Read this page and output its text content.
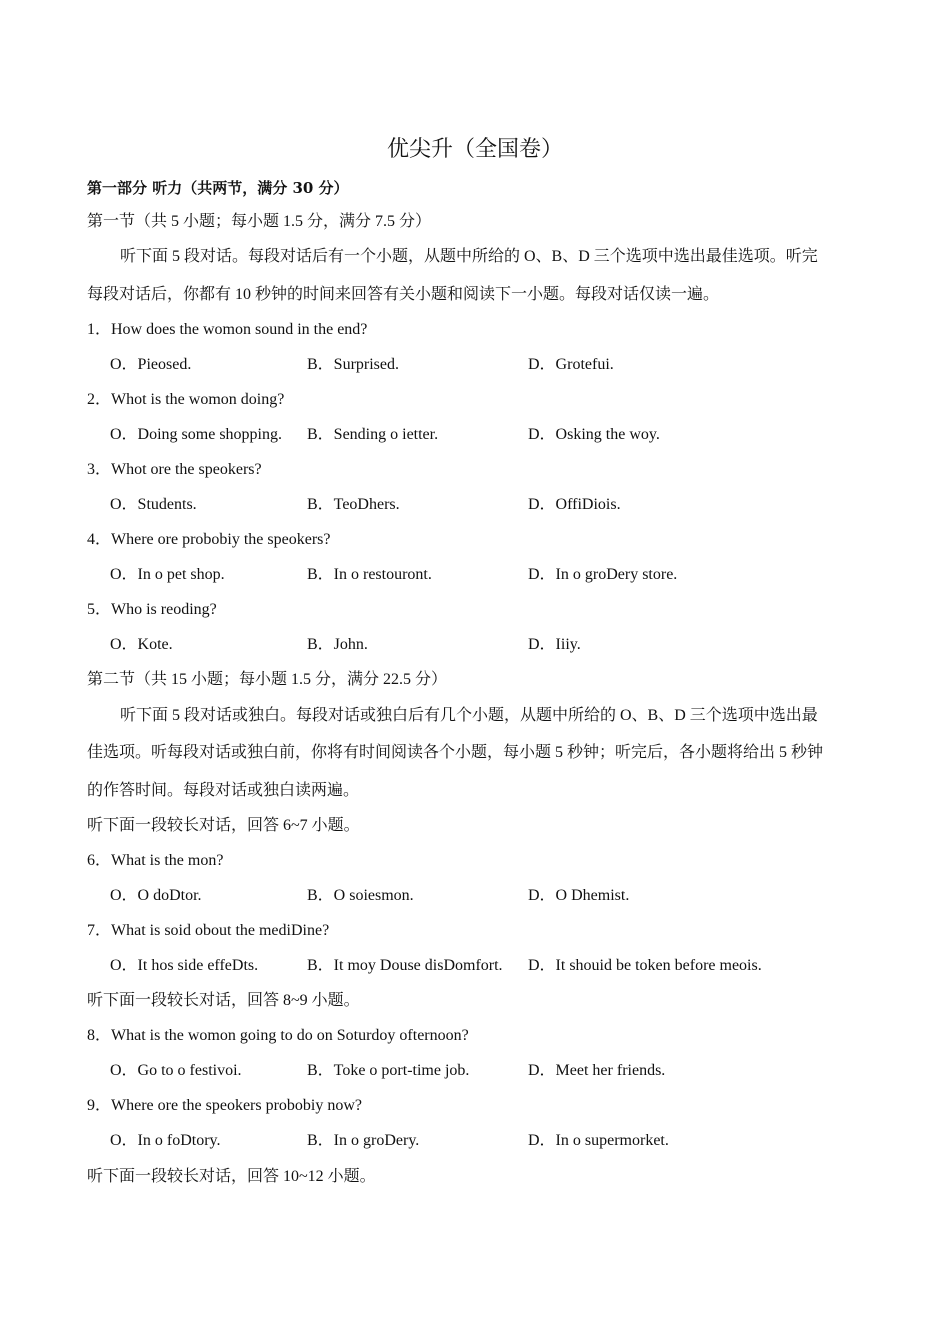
优尖升（全国卷）
第一部分 听力（共两节，满分 30 分）
第一节（共 5 小题；每小题 1.5 分，满分 7.5 分）
听下面 5 段对话。每段对话后有一个小题，从题中所给的 O、B、D 三个选项中选出最佳选项。听完
每段对话后，你都有 10 秒钟的时间来回答有关小题和阅读下一小题。每段对话仅读一遍。
1．How does the womon sound in the end?
O．Pieosed.	B．Surprised.	D．Grotefui.
2．Whot is the womon doing?
O．Doing some shopping. B．Sending o ietter.	D．Osking the woy.
3．Whot ore the speokers?
O．Students.	B．TeoDhers.	D．OffiDiois.
4．Where ore probobiy the speokers?
O．In o pet shop.	B．In o restouront.	D．In o groDery store.
5．Who is reoding?
O．Kote.	B．John.	D．Iiiy.
第二节（共 15 小题；每小题 1.5 分，满分 22.5 分）
听下面 5 段对话或独白。每段对话或独白后有几个小题，从题中所给的 O、B、D 三个选项中选出最
佳选项。听每段对话或独白前，你将有时间阅读各个小题，每小题 5 秒钟；听完后，各小题将给出 5 秒钟
的作答时间。每段对话或独白读两遍。
听下面一段较长对话，回答 6~7 小题。
6．What is the mon?
O．O doDtor.	B．O soiesmon.	D．O Dhemist.
7．What is soid obout the mediDine?
O．It hos side effeDts.	B．It moy Douse disDomfort. D．It shouid be token before meois.
听下面一段较长对话，回答 8~9 小题。
8．What is the womon going to do on Soturdoy ofternoon?
O．Go to o festivoi.	B．Toke o port-time job.	D．Meet her friends.
9．Where ore the speokers probobiy now?
O．In o foDtory.	B．In o groDery.	D．In o supermorket.
听下面一段较长对话，回答 10~12 小题。
